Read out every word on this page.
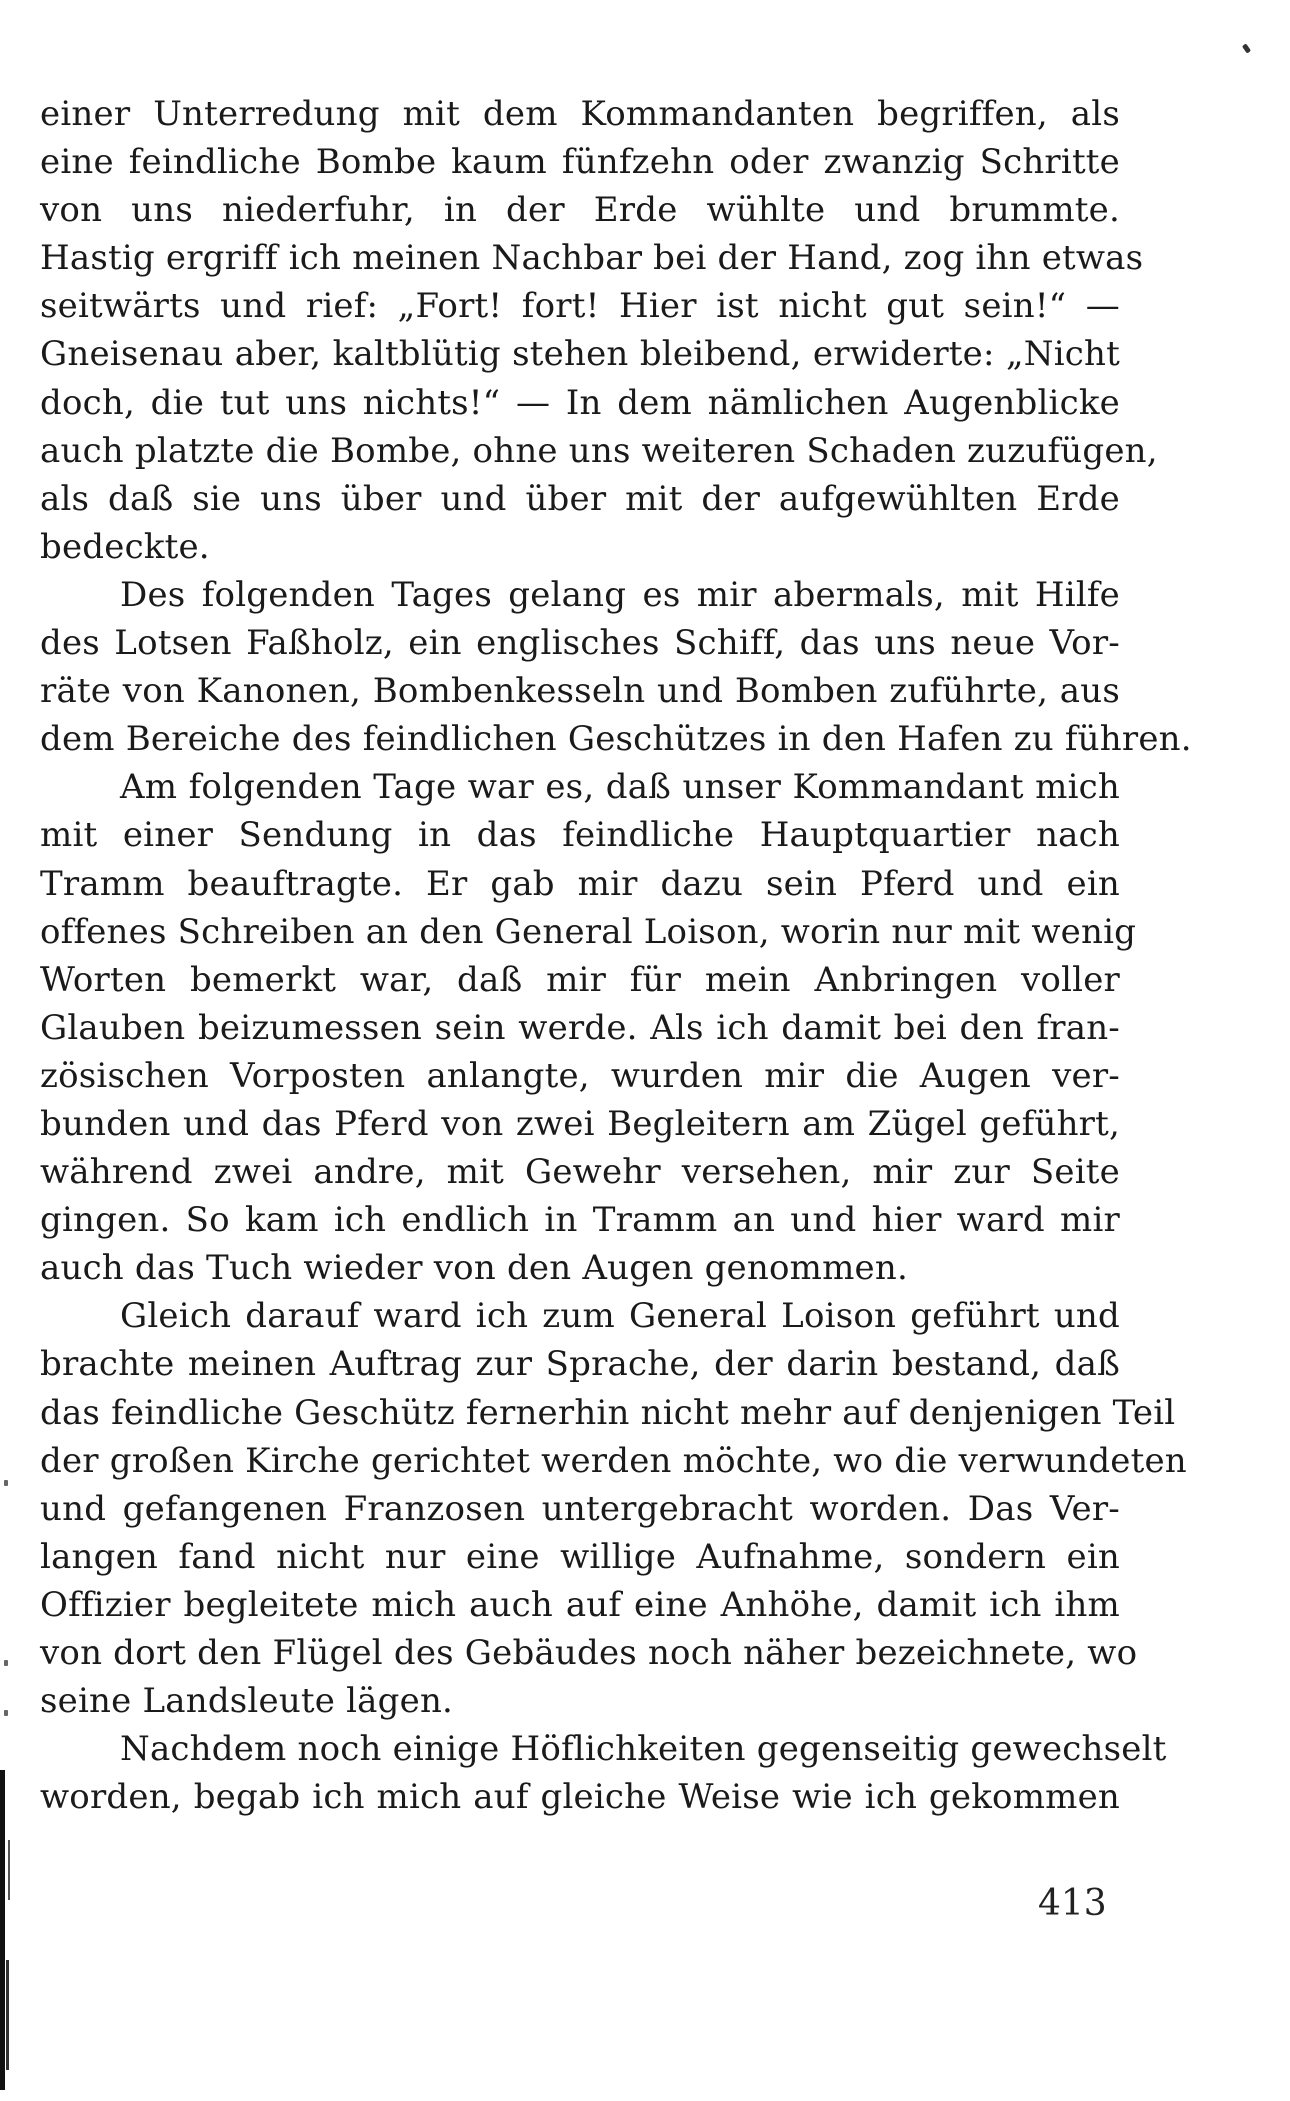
einer Unterredung mit dem Kommandanten begriffen, als
eine feindliche Bombe kaum fünfzehn oder zwanzig Schritte
von uns niederfuhr, in der Erde wühlte und brummte.
Hastig ergriff ich meinen Nachbar bei der Hand, zog ihn etwas
seitwärts und rief: „Fort! fort! Hier ist nicht gut sein!“ —
Gneisenau aber, kaltblütig stehen bleibend, erwiderte: „Nicht
doch, die tut uns nichts!“ — In dem nämlichen Augenblicke
auch platzte die Bombe, ohne uns weiteren Schaden zuzufügen,
als daß sie uns über und über mit der aufgewühlten Erde
bedeckte.
Des folgenden Tages gelang es mir abermals, mit Hilfe
des Lotsen Faßholz, ein englisches Schiff, das uns neue Vor-
räte von Kanonen, Bombenkesseln und Bomben zuführte, aus
dem Bereiche des feindlichen Geschützes in den Hafen zu führen.
Am folgenden Tage war es, daß unser Kommandant mich
mit einer Sendung in das feindliche Hauptquartier nach
Tramm beauftragte. Er gab mir dazu sein Pferd und ein
offenes Schreiben an den General Loison, worin nur mit wenig
Worten bemerkt war, daß mir für mein Anbringen voller
Glauben beizumessen sein werde. Als ich damit bei den fran-
zösischen Vorposten anlangte, wurden mir die Augen ver-
bunden und das Pferd von zwei Begleitern am Zügel geführt,
während zwei andre, mit Gewehr versehen, mir zur Seite
gingen. So kam ich endlich in Tramm an und hier ward mir
auch das Tuch wieder von den Augen genommen.
Gleich darauf ward ich zum General Loison geführt und
brachte meinen Auftrag zur Sprache, der darin bestand, daß
das feindliche Geschütz fernerhin nicht mehr auf denjenigen Teil
der großen Kirche gerichtet werden möchte, wo die verwundeten
und gefangenen Franzosen untergebracht worden. Das Ver-
langen fand nicht nur eine willige Aufnahme, sondern ein
Offizier begleitete mich auch auf eine Anhöhe, damit ich ihm
von dort den Flügel des Gebäudes noch näher bezeichnete, wo
seine Landsleute lägen.
Nachdem noch einige Höflichkeiten gegenseitig gewechselt
worden, begab ich mich auf gleiche Weise wie ich gekommen
413
